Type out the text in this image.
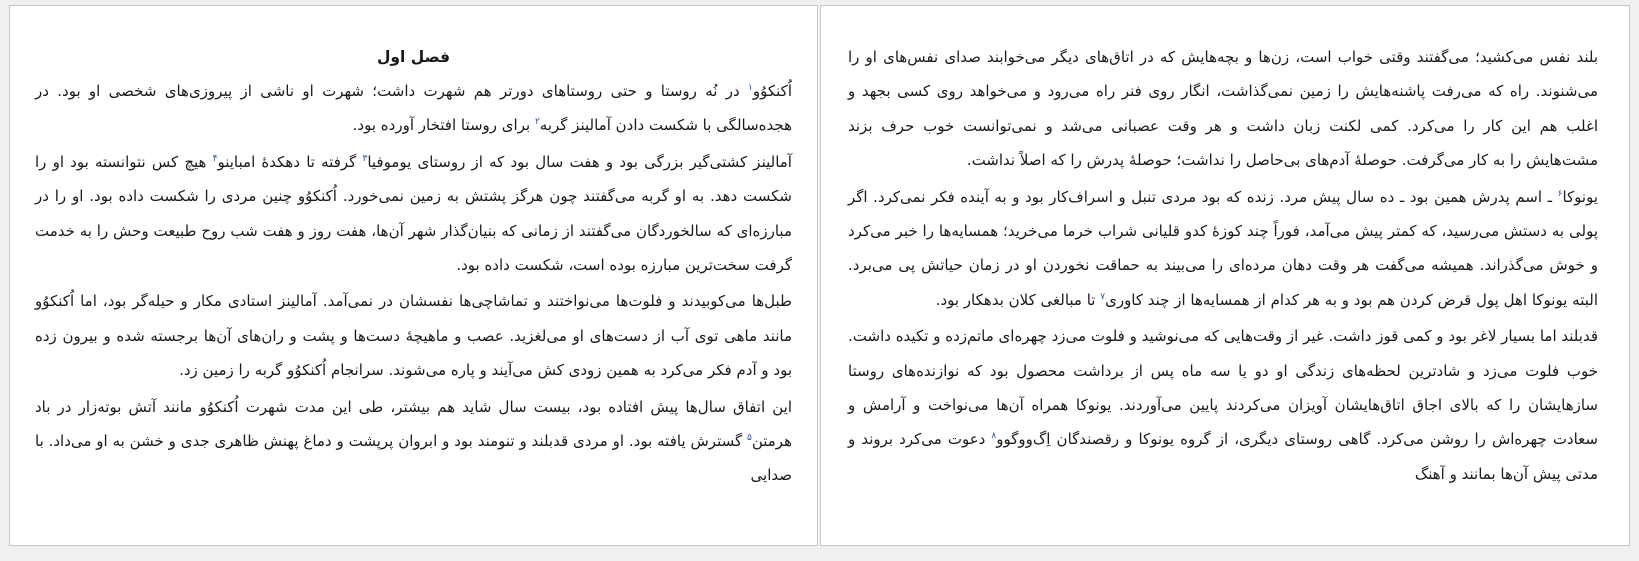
فصل اول

اُکنکوُو$^۱$ در نُه روستا و حتی روستاهای دورتر هم شهرت داشت؛ شهرت او ناشی از پیروزی‌های شخصی او بود. در هجده‌سالگی با شکست دادن آمالینز گربه$^۲$ برای روستا افتخار آورده بود.

آمالینز کشتی‌گیر بزرگی بود و هفت سال بود که از روستای یوموفیا$^۳$ گرفته تا دهکدهٔ امباینو$^۴$ هیچ کس نتوانسته بود او را شکست دهد. به او گربه می‌گفتند چون هرگز پشتش به زمین نمی‌خورد. اُکنکوُو چنین مردی را شکست داده بود. او را در مبارزه‌ای که سالخوردگان می‌گفتند از زمانی که بنیان‌گذار شهر آن‌ها، هفت روز و هفت شب روح طبیعت وحش را به خدمت گرفت سخت‌ترین مبارزه بوده است، شکست داده بود.

طبل‌ها می‌کوبیدند و فلوت‌ها می‌نواختند و تماشاچی‌ها نفسشان در نمی‌آمد. آمالینز استادی مکار و حیله‌گر بود، اما اُکنکوُو مانند ماهی توی آب از دست‌های او می‌لغزید. عصب و ماهیچهٔ دست‌ها و پشت و ران‌های آن‌ها برجسته شده و بیرون زده بود و آدم فکر می‌کرد به همین زودی کش می‌آیند و پاره می‌شوند. سرانجام اُکنکوُو گربه را زمین زد.

این اتفاق سال‌ها پیش افتاده بود، بیست سال شاید هم بیشتر، طی این مدت شهرت اُکنکوُو مانند آتش بوته‌زار در باد هرمتن$^۵$ گسترش یافته بود. او مردی قدبلند و تنومند بود و ابروان پرپشت و دماغ پهنش ظاهری جدی و خشن به او می‌داد. با صدایی

بلند نفس می‌کشید؛ می‌گفتند وقتی خواب است، زن‌ها و بچه‌هایش که در اتاق‌های دیگر می‌خوابند صدای نفس‌های او را می‌شنوند. راه که می‌رفت پاشنه‌هایش را زمین نمی‌گذاشت، انگار روی فنر راه می‌رود و می‌خواهد روی کسی بجهد و اغلب هم این کار را می‌کرد. کمی لکنت زبان داشت و هر وقت عصبانی می‌شد و نمی‌توانست خوب حرف بزند مشت‌هایش را به کار می‌گرفت. حوصلهٔ آدم‌های بی‌حاصل را نداشت؛ حوصلهٔ پدرش را که اصلاً نداشت.

یونوکا$^۶$ ـ اسم پدرش همین بود ـ ده سال پیش مرد. زنده که بود مردی تنبل و اسراف‌کار بود و به آینده فکر نمی‌کرد. اگر پولی به دستش می‌رسید، که کمتر پیش می‌آمد، فوراً چند کوزهٔ کدو قلیانی شراب خرما می‌خرید؛ همسایه‌ها را خبر می‌کرد و خوش می‌گذراند. همیشه می‌گفت هر وقت دهان مرده‌ای را می‌بیند به حماقت نخوردن او در زمان حیاتش پی می‌برد. البته یونوکا اهل پول قرض کردن هم بود و به هر کدام از همسایه‌ها از چند کاوری$^۷$ تا مبالغی کلان بدهکار بود.

قدبلند اما بسیار لاغر بود و کمی قوز داشت. غیر از وقت‌هایی که می‌نوشید و فلوت می‌زد چهره‌ای ماتم‌زده و تکیده داشت. خوب فلوت می‌زد و شادترین لحظه‌های زندگی او دو یا سه ماه پس از برداشت محصول بود که نوازنده‌های روستا سازهایشان را که بالای اجاق اتاق‌هایشان آویزان می‌کردند پایین می‌آوردند. یونوکا همراه آن‌ها می‌نواخت و آرامش و سعادت چهره‌اش را روشن می‌کرد. گاهی روستای دیگری، از گروه یونوکا و رقصندگان اِگ‌ووگوو$^۸$ دعوت می‌کرد بروند و مدتی پیش آن‌ها بمانند و آهنگ
